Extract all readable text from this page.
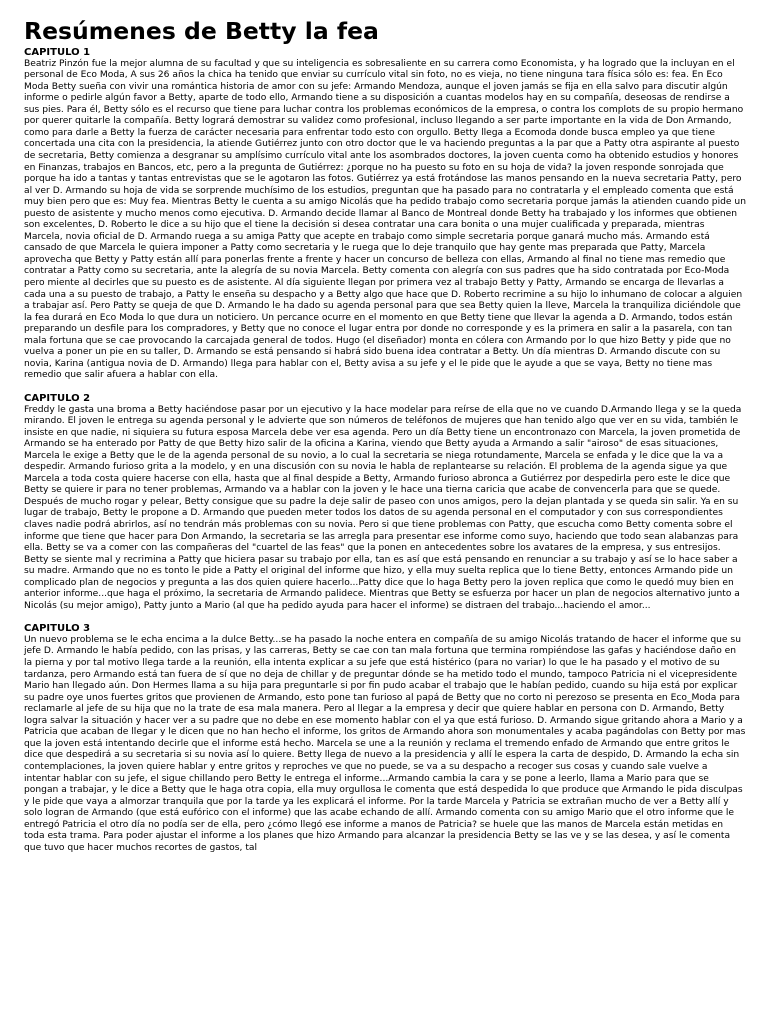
Resúmenes de Betty la fea
CAPITULO 1

Beatriz Pinzón fue la mejor alumna de su facultad y que su inteligencia es sobresaliente en su carrera como Economista, y ha logrado que la incluyan en el personal de Eco Moda, A sus 26 años la chica ha tenido que enviar su currículo vital sin foto, no es vieja, no tiene ninguna tara física sólo es: fea. En Eco Moda Betty sueña con vivir una romántica historia de amor con su jefe: Armando Mendoza, aunque el joven jamás se fija en ella salvo para discutir algún informe o pedirle algún favor a Betty, aparte de todo ello, Armando tiene a su disposición a cuantas modelos hay en su compañía, deseosas de rendirse a sus pies. Para él, Betty sólo es el recurso que tiene para luchar contra los problemas económicos de la empresa, o contra los complots de su propio hermano por querer quitarle la compañía. Betty logrará demostrar su validez como profesional, incluso llegando a ser parte importante en la vida de Don Armando, como para darle a Betty la fuerza de carácter necesaria para enfrentar todo esto con orgullo. Betty llega a Ecomoda donde busca empleo ya que tiene concertada una cita con la presidencia, la atiende Gutiérrez junto con otro doctor que le va haciendo preguntas a la par que a Patty otra aspirante al puesto de secretaria, Betty comienza a desgranar su amplísimo currículo vital ante los asombrados doctores, la joven cuenta como ha obtenido estudios y honores en Finanzas, trabajos en Bancos, etc, pero a la pregunta de Gutiérrez: ¿porque no ha puesto su foto en su hoja de vida? la joven responde sonrojada que porque ha ido a tantas y tantas entrevistas que se le agotaron las fotos. Gutiérrez ya está frotándose las manos pensando en la nueva secretaria Patty, pero al ver D. Armando su hoja de vida se sorprende muchísimo de los estudios, preguntan que ha pasado para no contratarla y el empleado comenta que está muy bien pero que es: Muy fea. Mientras Betty le cuenta a su amigo Nicolás que ha pedido trabajo como secretaria porque jamás la atienden cuando pide un puesto de asistente y mucho menos como ejecutiva. D. Armando decide llamar al Banco de Montreal donde Betty ha trabajado y los informes que obtienen son excelentes, D. Roberto le dice a su hijo que el tiene la decisión si desea contratar una cara bonita o una mujer cualificada y preparada, mientras Marcela, novia oficial de D. Armando ruega a su amiga Patty que acepte en trabajo como simple secretaria porque ganará mucho más. Armando está cansado de que Marcela le quiera imponer a Patty como secretaria y le ruega que lo deje tranquilo que hay gente mas preparada que Patty, Marcela aprovecha que Betty y Patty están allí para ponerlas frente a frente y hacer un concurso de belleza con ellas, Armando al final no tiene mas remedio que contratar a Patty como su secretaria, ante la alegría de su novia Marcela. Betty comenta con alegría con sus padres que ha sido contratada por Eco-Moda pero miente al decirles que su puesto es de asistente. Al día siguiente llegan por primera vez al trabajo Betty y Patty, Armando se encarga de llevarlas a cada una a su puesto de trabajo, a Patty le enseña su despacho y a Betty algo que hace que D. Roberto recrimine a su hijo lo inhumano de colocar a alguien a trabajar así. Pero Patty se queja de que D. Armando le ha dado su agenda personal para que sea Betty quien la lleve, Marcela la tranquiliza diciéndole que la fea durará en Eco Moda lo que dura un noticiero. Un percance ocurre en el momento en que Betty tiene que llevar la agenda a D. Armando, todos están preparando un desfile para los compradores, y Betty que no conoce el lugar entra por donde no corresponde y es la primera en salir a la pasarela, con tan mala fortuna que se cae provocando la carcajada general de todos. Hugo (el diseñador) monta en cólera con Armando por lo que hizo Betty y pide que no vuelva a poner un pie en su taller, D. Armando se está pensando si habrá sido buena idea contratar a Betty. Un día mientras D. Armando discute con su novia, Karina (antigua novia de D. Armando) llega para hablar con el, Betty avisa a su jefe y el le pide que le ayude a que se vaya, Betty no tiene mas remedio que salir afuera a hablar con ella.

CAPITULO 2

Freddy le gasta una broma a Betty haciéndose pasar por un ejecutivo y la hace modelar para reírse de ella que no ve cuando D.Armando llega y se la queda mirando. El joven le entrega su agenda personal y le advierte que son números de teléfonos de mujeres que han tenido algo que ver en su vida, también le insiste en que nadie, ni siquiera su futura esposa Marcela debe ver esa agenda. Pero un día Betty tiene un encontronazo con Marcela, la joven prometida de Armando se ha enterado por Patty de que Betty hizo salir de la oficina a Karina, viendo que Betty ayuda a Armando a salir "airoso" de esas situaciones, Marcela le exige a Betty que le de la agenda personal de su novio, a lo cual la secretaria se niega rotundamente, Marcela se enfada y le dice que la va a despedir. Armando furioso grita a la modelo, y en una discusión con su novia le habla de replantearse su relación. El problema de la agenda sigue ya que Marcela a toda costa quiere hacerse con ella, hasta que al final despide a Betty, Armando furioso abronca a Gutiérrez por despedirla pero este le dice que Betty se quiere ir para no tener problemas, Armando va a hablar con la joven y le hace una tierna caricia que acabe de convencerla para que se quede. Después de mucho rogar y pelear, Betty consigue que su padre la deje salir de paseo con unos amigos, pero la dejan plantada y se queda sin salir. Ya en su lugar de trabajo, Betty le propone a D. Armando que pueden meter todos los datos de su agenda personal en el computador y con sus correspondientes claves nadie podrá abrirlos, así no tendrán más problemas con su novia. Pero si que tiene problemas con Patty, que escucha como Betty comenta sobre el informe que tiene que hacer para Don Armando, la secretaria se las arregla para presentar ese informe como suyo, haciendo que todo sean alabanzas para ella. Betty se va a comer con las compañeras del "cuartel de las feas" que la ponen en antecedentes sobre los avatares de la empresa, y sus entresijos. Betty se siente mal y recrimina a Patty que hiciera pasar su trabajo por ella, tan es así que está pensando en renunciar a su trabajo y así se lo hace saber a su madre. Armando que no es tonto le pide a Patty el original del informe que hizo, y ella muy suelta replica que lo tiene Betty, entonces Armando pide un complicado plan de negocios y pregunta a las dos quien quiere hacerlo...Patty dice que lo haga Betty pero la joven replica que como le quedó muy bien en anterior informe...que haga el próximo, la secretaria de Armando palidece. Mientras que Betty se esfuerza por hacer un plan de negocios alternativo junto a Nicolás (su mejor amigo), Patty junto a Mario (al que ha pedido ayuda para hacer el informe) se distraen del trabajo...haciendo el amor...

CAPITULO 3

Un nuevo problema se le echa encima a la dulce Betty...se ha pasado la noche entera en compañía de su amigo Nicolás tratando de hacer el informe que su jefe D. Armando le había pedido, con las prisas, y las carreras, Betty se cae con tan mala fortuna que termina rompiéndose las gafas y haciéndose daño en la pierna y por tal motivo llega tarde a la reunión, ella intenta explicar a su jefe que está histérico (para no variar) lo que le ha pasado y el motivo de su tardanza, pero Armando está tan fuera de sí que no deja de chillar y de preguntar dónde se ha metido todo el mundo, tampoco Patricia ni el vicepresidente Mario han llegado aún. Don Hermes llama a su hija para preguntarle si por fin pudo acabar el trabajo que le habían pedido, cuando su hija está por explicar su padre oye unos fuertes gritos que provienen de Armando, esto pone tan furioso al papá de Betty que no corto ni perezoso se presenta en Eco_Moda para reclamarle al jefe de su hija que no la trate de esa mala manera. Pero al llegar a la empresa y decir que quiere hablar en persona con D. Armando, Betty logra salvar la situación y hacer ver a su padre que no debe en ese momento hablar con el ya que está furioso. D. Armando sigue gritando ahora a Mario y a Patricia que acaban de llegar y le dicen que no han hecho el informe, los gritos de Armando ahora son monumentales y acaba pagándolas con Betty por mas que la joven está intentando decirle que el informe está hecho. Marcela se une a la reunión y reclama el tremendo enfado de Armando que entre gritos le dice que despedirá a su secretaria si su novia así lo quiere. Betty llega de nuevo a la presidencia y allí le espera la carta de despido, D. Armando la echa sin contemplaciones, la joven quiere hablar y entre gritos y reproches ve que no puede, se va a su despacho a recoger sus cosas y cuando sale vuelve a intentar hablar con su jefe, el sigue chillando pero Betty le entrega el informe...Armando cambia la cara y se pone a leerlo, llama a Mario para que se pongan a trabajar, y le dice a Betty que le haga otra copia, ella muy orgullosa le comenta que está despedida lo que produce que Armando le pida disculpas y le pide que vaya a almorzar tranquila que por la tarde ya les explicará el informe. Por la tarde Marcela y Patricia se extrañan mucho de ver a Betty allí y solo logran de Armando (que está eufórico con el informe) que las acabe echando de allí. Armando comenta con su amigo Mario que el otro informe que le entregó Patricia el otro día no podía ser de ella, pero ¿cómo llegó ese informe a manos de Patricia? se huele que las manos de Marcela están metidas en toda esta trama. Para poder ajustar el informe a los planes que hizo Armando para alcanzar la presidencia Betty se las ve y se las desea, y así le comenta que tuvo que hacer muchos recortes de gastos, tal
